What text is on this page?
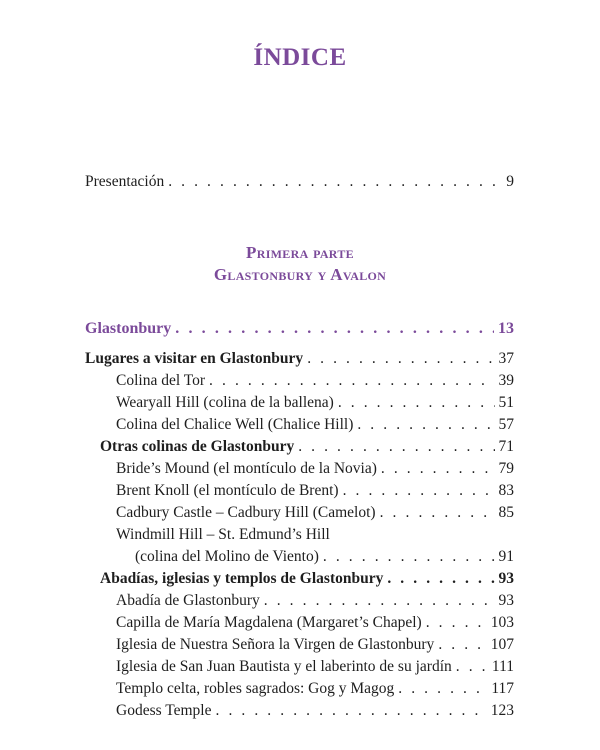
ÍNDICE
Presentación . . .	9
Primera parte
Glastonbury y Avalon
Glastonbury . . .	13
Lugares a visitar en Glastonbury . . .	37
Colina del Tor . . .	39
Wearyall Hill (colina de la ballena) . . .	51
Colina del Chalice Well (Chalice Hill) . . .	57
Otras colinas de Glastonbury . . .	71
Bride’s Mound (el montículo de la Novia) . . .	79
Brent Knoll (el montículo de Brent) . . .	83
Cadbury Castle – Cadbury Hill (Camelot) . . .	85
Windmill Hill – St. Edmund’s Hill
(colina del Molino de Viento) . . .	91
Abadías, iglesias y templos de Glastonbury . . .	93
Abadía de Glastonbury . . .	93
Capilla de María Magdalena (Margaret’s Chapel) . . .	103
Iglesia de Nuestra Señora la Virgen de Glastonbury . . .	107
Iglesia de San Juan Bautista y el laberinto de su jardín . . .	111
Templo celta, robles sagrados: Gog y Magog . . .	117
Godess Temple . . .	123
